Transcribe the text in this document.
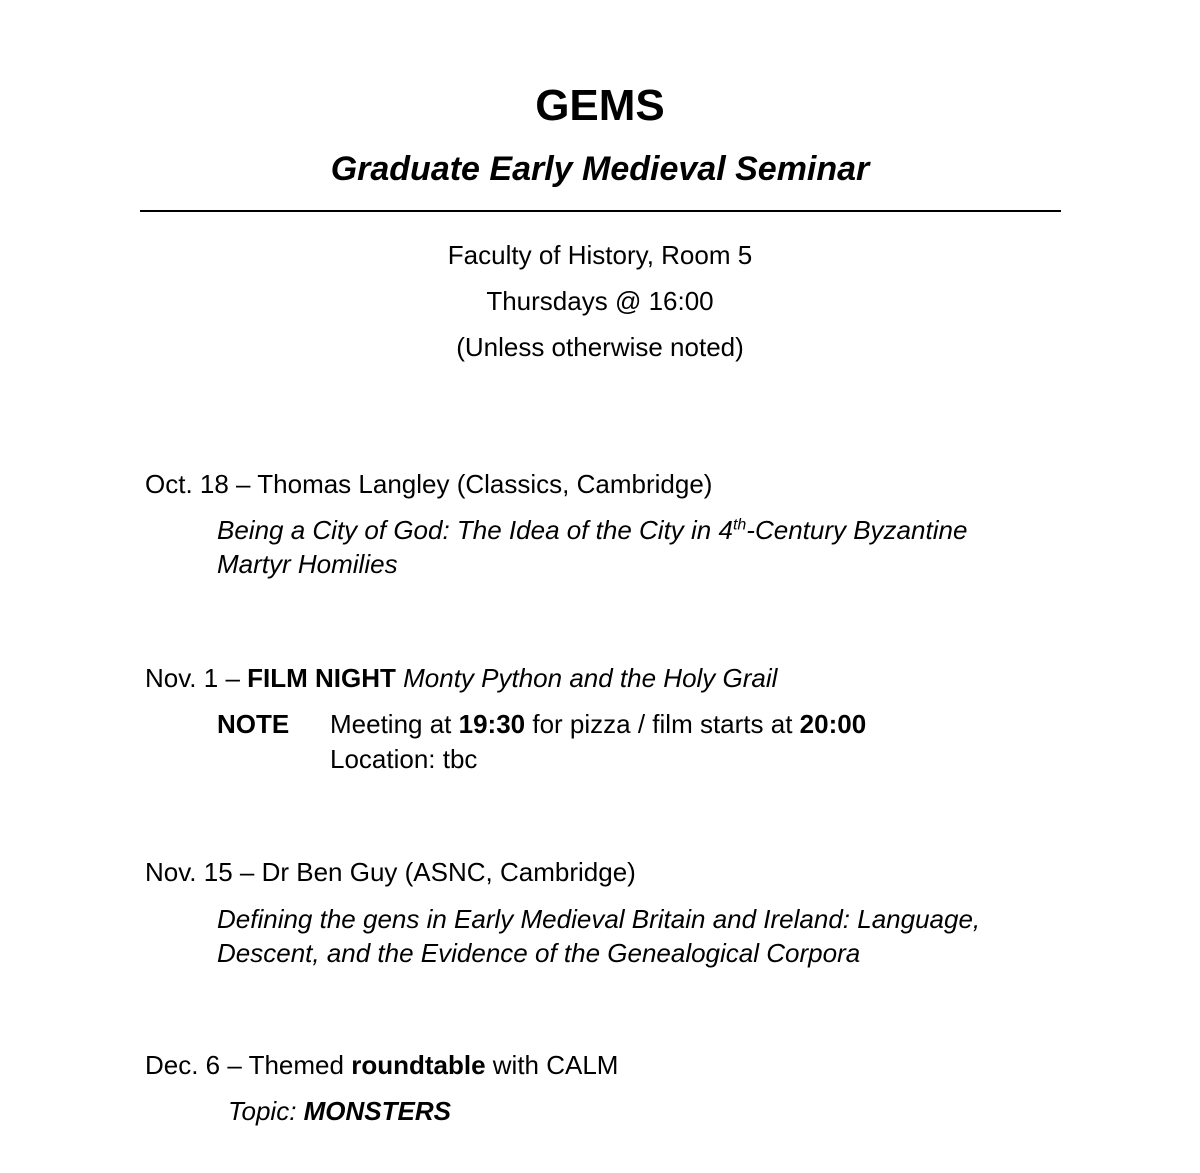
GEMS
Graduate Early Medieval Seminar
Faculty of History, Room 5
Thursdays @ 16:00
(Unless otherwise noted)
Oct. 18 – Thomas Langley (Classics, Cambridge)
Being a City of God: The Idea of the City in 4th-Century Byzantine
Martyr Homilies
Nov. 1 – FILM NIGHT Monty Python and the Holy Grail
NOTE Meeting at 19:30 for pizza / film starts at 20:00
Location: tbc
Nov. 15 – Dr Ben Guy (ASNC, Cambridge)
Defining the gens in Early Medieval Britain and Ireland: Language,
Descent, and the Evidence of the Genealogical Corpora
Dec. 6 – Themed roundtable with CALM
Topic: MONSTERS
